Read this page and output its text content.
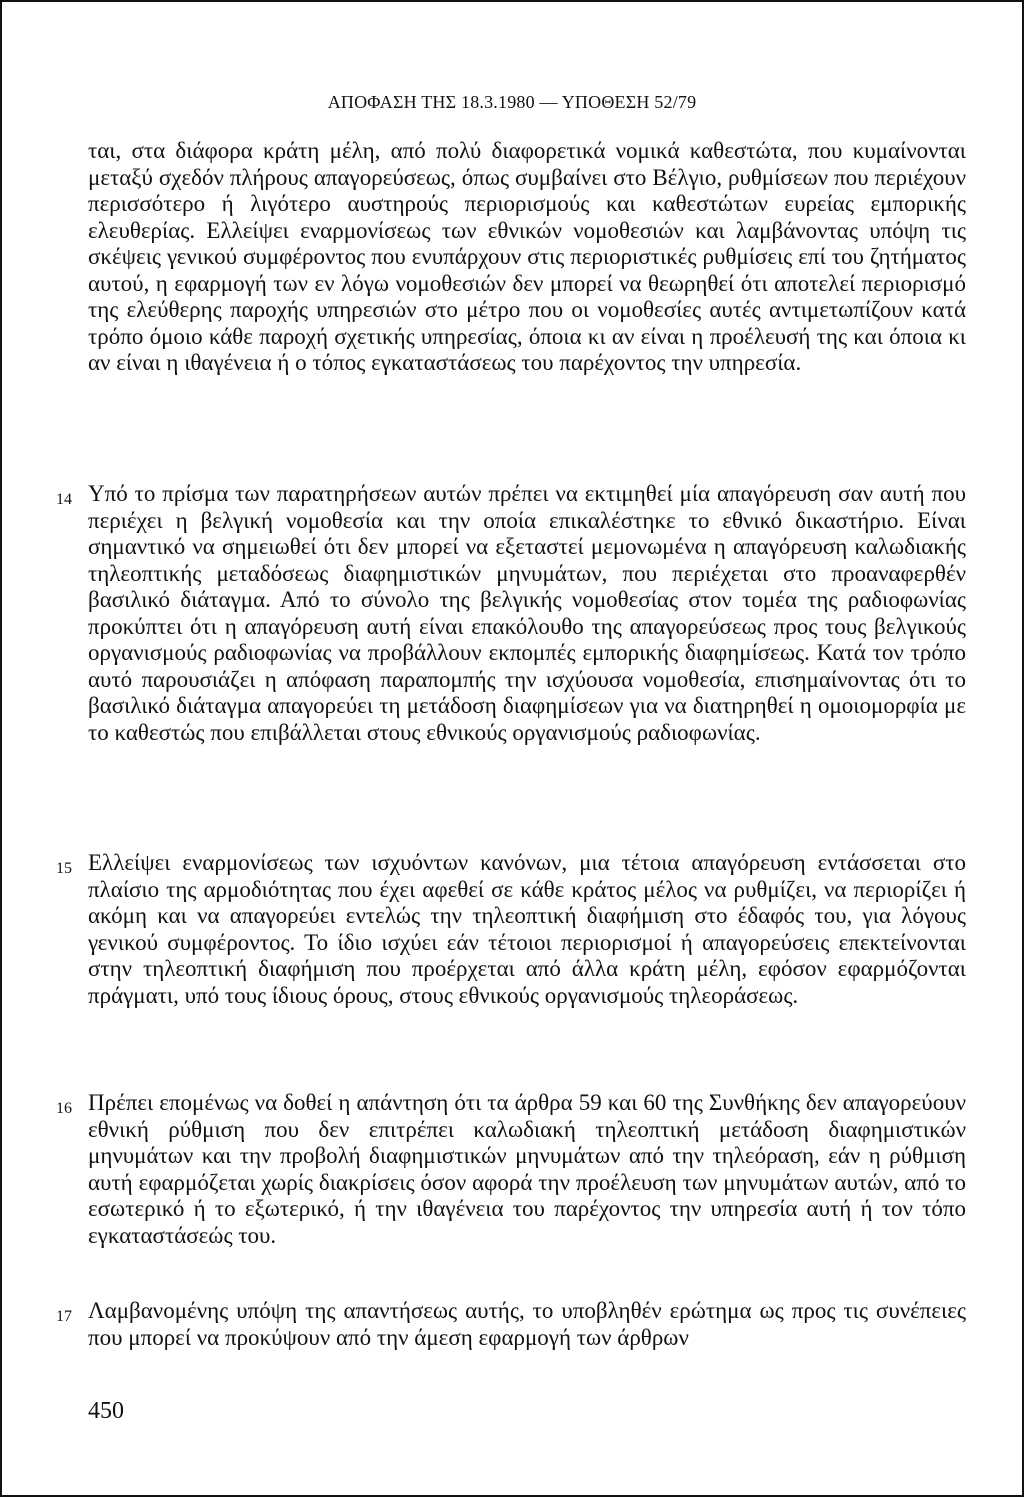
ΑΠΟΦΑΣΗ ΤΗΣ 18.3.1980 — ΥΠΟΘΕΣΗ 52/79

ται, στα διάφορα κράτη μέλη, από πολύ διαφορετικά νομικά καθεστώτα, που κυμαίνονται μεταξύ σχεδόν πλήρους απαγορεύσεως, όπως συμβαίνει στο Βέλγιο, ρυθμίσεων που περιέχουν περισσότερο ή λιγότερο αυστηρούς περιορισμούς και καθεστώτων ευρείας εμπορικής ελευθερίας. Ελλείψει εναρμονίσεως των εθνικών νομοθεσιών και λαμβάνοντας υπόψη τις σκέψεις γενικού συμφέροντος που ενυπάρχουν στις περιοριστικές ρυθμίσεις επί του ζητήματος αυτού, η εφαρμογή των εν λόγω νομοθεσιών δεν μπορεί να θεωρηθεί ότι αποτελεί περιορισμό της ελεύθερης παροχής υπηρεσιών στο μέτρο που οι νομοθεσίες αυτές αντιμετωπίζουν κατά τρόπο όμοιο κάθε παροχή σχετικής υπηρεσίας, όποια κι αν είναι η προέλευσή της και όποια κι αν είναι η ιθαγένεια ή ο τόπος εγκαταστάσεως του παρέχοντος την υπηρεσία.

14 Υπό το πρίσμα των παρατηρήσεων αυτών πρέπει να εκτιμηθεί μία απαγόρευση σαν αυτή που περιέχει η βελγική νομοθεσία και την οποία επικαλέστηκε το εθνικό δικαστήριο. Είναι σημαντικό να σημειωθεί ότι δεν μπορεί να εξεταστεί μεμονωμένα η απαγόρευση καλωδιακής τηλεοπτικής μεταδόσεως διαφημιστικών μηνυμάτων, που περιέχεται στο προαναφερθέν βασιλικό διάταγμα. Από το σύνολο της βελγικής νομοθεσίας στον τομέα της ραδιοφωνίας προκύπτει ότι η απαγόρευση αυτή είναι επακόλουθο της απαγορεύσεως προς τους βελγικούς οργανισμούς ραδιοφωνίας να προβάλλουν εκπομπές εμπορικής διαφημίσεως. Κατά τον τρόπο αυτό παρουσιάζει η απόφαση παραπομπής την ισχύουσα νομοθεσία, επισημαίνοντας ότι το βασιλικό διάταγμα απαγορεύει τη μετάδοση διαφημίσεων για να διατηρηθεί η ομοιομορφία με το καθεστώς που επιβάλλεται στους εθνικούς οργανισμούς ραδιοφωνίας.

15 Ελλείψει εναρμονίσεως των ισχυόντων κανόνων, μια τέτοια απαγόρευση εντάσσεται στο πλαίσιο της αρμοδιότητας που έχει αφεθεί σε κάθε κράτος μέλος να ρυθμίζει, να περιορίζει ή ακόμη και να απαγορεύει εντελώς την τηλεοπτική διαφήμιση στο έδαφός του, για λόγους γενικού συμφέροντος. Το ίδιο ισχύει εάν τέτοιοι περιορισμοί ή απαγορεύσεις επεκτείνονται στην τηλεοπτική διαφήμιση που προέρχεται από άλλα κράτη μέλη, εφόσον εφαρμόζονται πράγματι, υπό τους ίδιους όρους, στους εθνικούς οργανισμούς τηλεοράσεως.

16 Πρέπει επομένως να δοθεί η απάντηση ότι τα άρθρα 59 και 60 της Συνθήκης δεν απαγορεύουν εθνική ρύθμιση που δεν επιτρέπει καλωδιακή τηλεοπτική μετάδοση διαφημιστικών μηνυμάτων και την προβολή διαφημιστικών μηνυμάτων από την τηλεόραση, εάν η ρύθμιση αυτή εφαρμόζεται χωρίς διακρίσεις όσον αφορά την προέλευση των μηνυμάτων αυτών, από το εσωτερικό ή το εξωτερικό, ή την ιθαγένεια του παρέχοντος την υπηρεσία αυτή ή τον τόπο εγκαταστάσεώς του.

17 Λαμβανομένης υπόψη της απαντήσεως αυτής, το υποβληθέν ερώτημα ως προς τις συνέπειες που μπορεί να προκύψουν από την άμεση εφαρμογή των άρθρων

450
